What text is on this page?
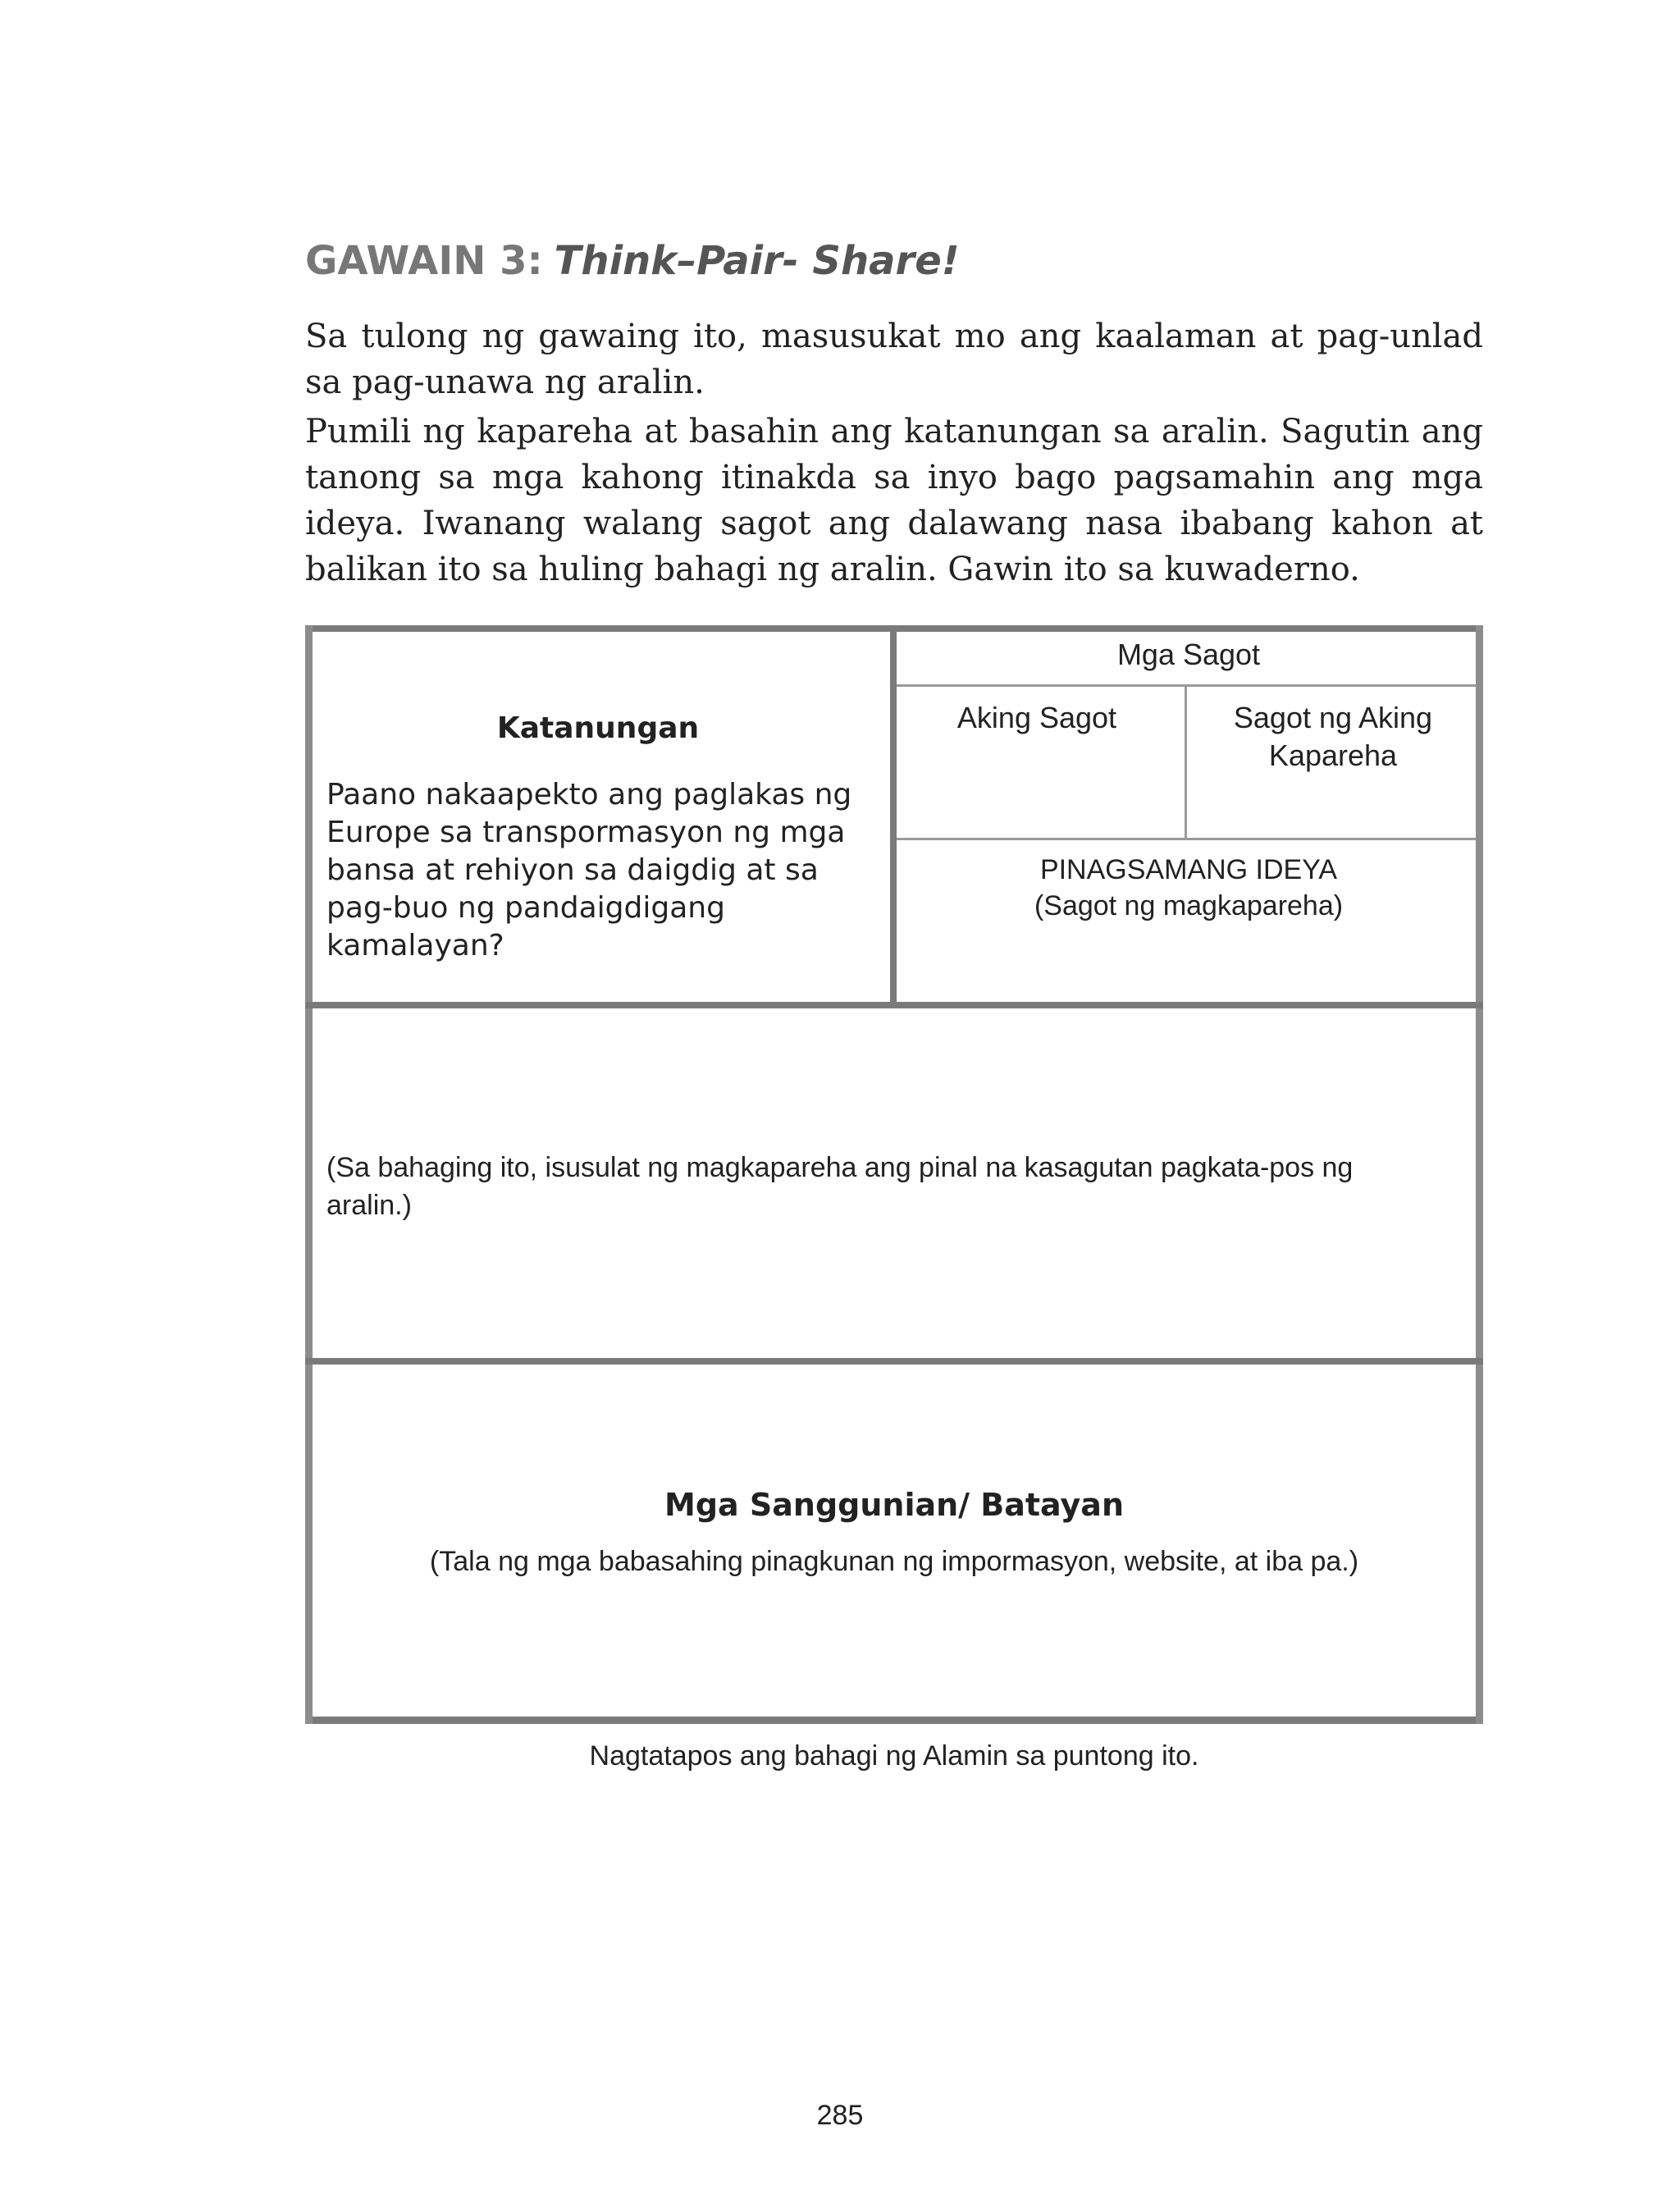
GAWAIN 3: Think–Pair- Share!

Sa tulong ng gawaing ito, masusukat mo ang kaalaman at pag-unlad sa pag-unawa ng aralin.

Pumili ng kapareha at basahin ang katanungan sa aralin. Sagutin ang tanong sa mga kahong itinakda sa inyo bago pagsamahin ang mga ideya. Iwanang walang sagot ang dalawang nasa ibabang kahon at balikan ito sa huling bahagi ng aralin. Gawin ito sa kuwaderno.

Katanungan

Paano nakaapekto ang paglakas ng Europe sa transpormasyon ng mga bansa at rehiyon sa daigdig at sa pag-buo ng pandaigdigang kamalayan?

Mga Sagot
Aking Sagot	Sagot ng Aking Kapareha
PINAGSAMANG IDEYA
(Sagot ng magkapareha)

(Sa bahaging ito, isusulat ng magkapareha ang pinal na kasagutan pagkata-pos ng aralin.)

Mga Sanggunian/ Batayan
(Tala ng mga babasahing pinagkunan ng impormasyon, website, at iba pa.)
Nagtatapos ang bahagi ng Alamin sa puntong ito.
285
